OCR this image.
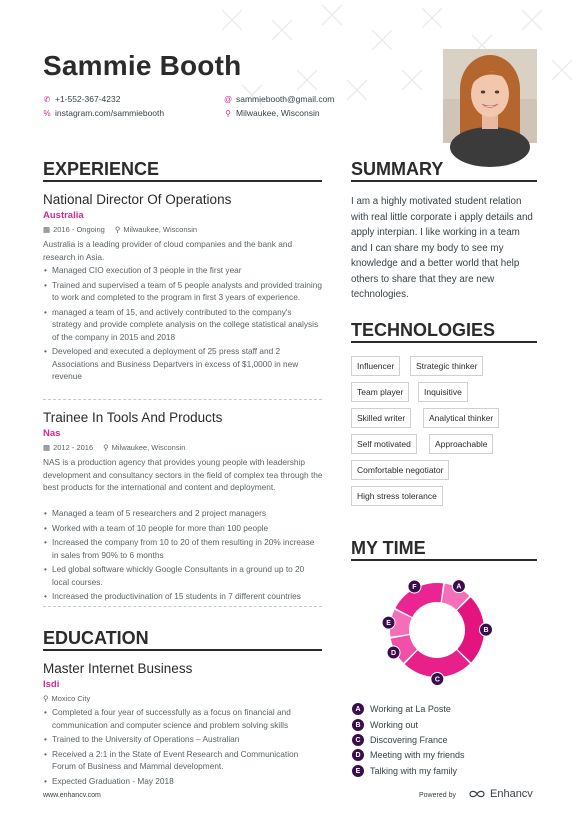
Sammie Booth
✆ +1-552-367-4232	@ sammiebooth@gmail.com
% instagram.com/sammiebooth	⚲ Milwaukee, Wisconsin
EXPERIENCE
National Director Of Operations
Australia
▦ 2016 - Ongoing ⚲ Milwaukee, Wisconsin
Australia is a leading provider of cloud companies and the bank and research in Asia.
• Managed CIO execution of 3 people in the first year
• Trained and supervised a team of 5 people analysts and provided training to work and completed to the program in first 3 years of experience.
• managed a team of 15, and actively contributed to the company's strategy and provide complete analysis on the college statistical analysis of the company in 2015 and 2018
• Developed and executed a deployment of 25 press staff and 2 Associations and Business Departvers in excess of $1,0000 in new revenue
Trainee In Tools And Products
Nas
▦ 2012 - 2016 ⚲ Milwaukee, Wisconsin
NAS is a production agency that provides young people with leadership development and consultancy sectors in the field of complex tea through the best products for the international and content and deployment.
• Managed a team of 5 researchers and 2 project managers
• Worked with a team of 10 people for more than 100 people
• Increased the company from 10 to 20 of them resulting in 20% increase in sales from 90% to 6 months
• Led global software whickly Google Consultants in a ground up to 20 local courses.
• Increased the productivination of 15 students in 7 different countries
EDUCATION
Master Internet Business
Isdi
⚲ Moxico City
• Completed a four year of successfully as a focus on financial and communication and computer science and problem solving skills
• Trained to the University of Operations – Australian
• Received a 2:1 in the State of Event Research and Communication Forum of Business and Mammal development.
• Expected Graduation - May 2018
SUMMARY
I am a highly motivated student relation with real little corporate i apply details and apply interpian. I like working in a team and I can share my body to see my knowledge and a better world that help others to share that they are new technologies.
TECHNOLOGIES
Influencer	Strategic thinker
Team player	Inquisitive
Skilled writer	Analytical thinker
Self motivated	Approachable
Comfortable negotiator
High stress tolerance
MY TIME
A
B
C
D
E
F
A	Working at La Poste
B	Working out
C	Discovering France
D	Meeting with my friends
E	Talking with my family
www.enhancv.com	Powered by	Enhancv
